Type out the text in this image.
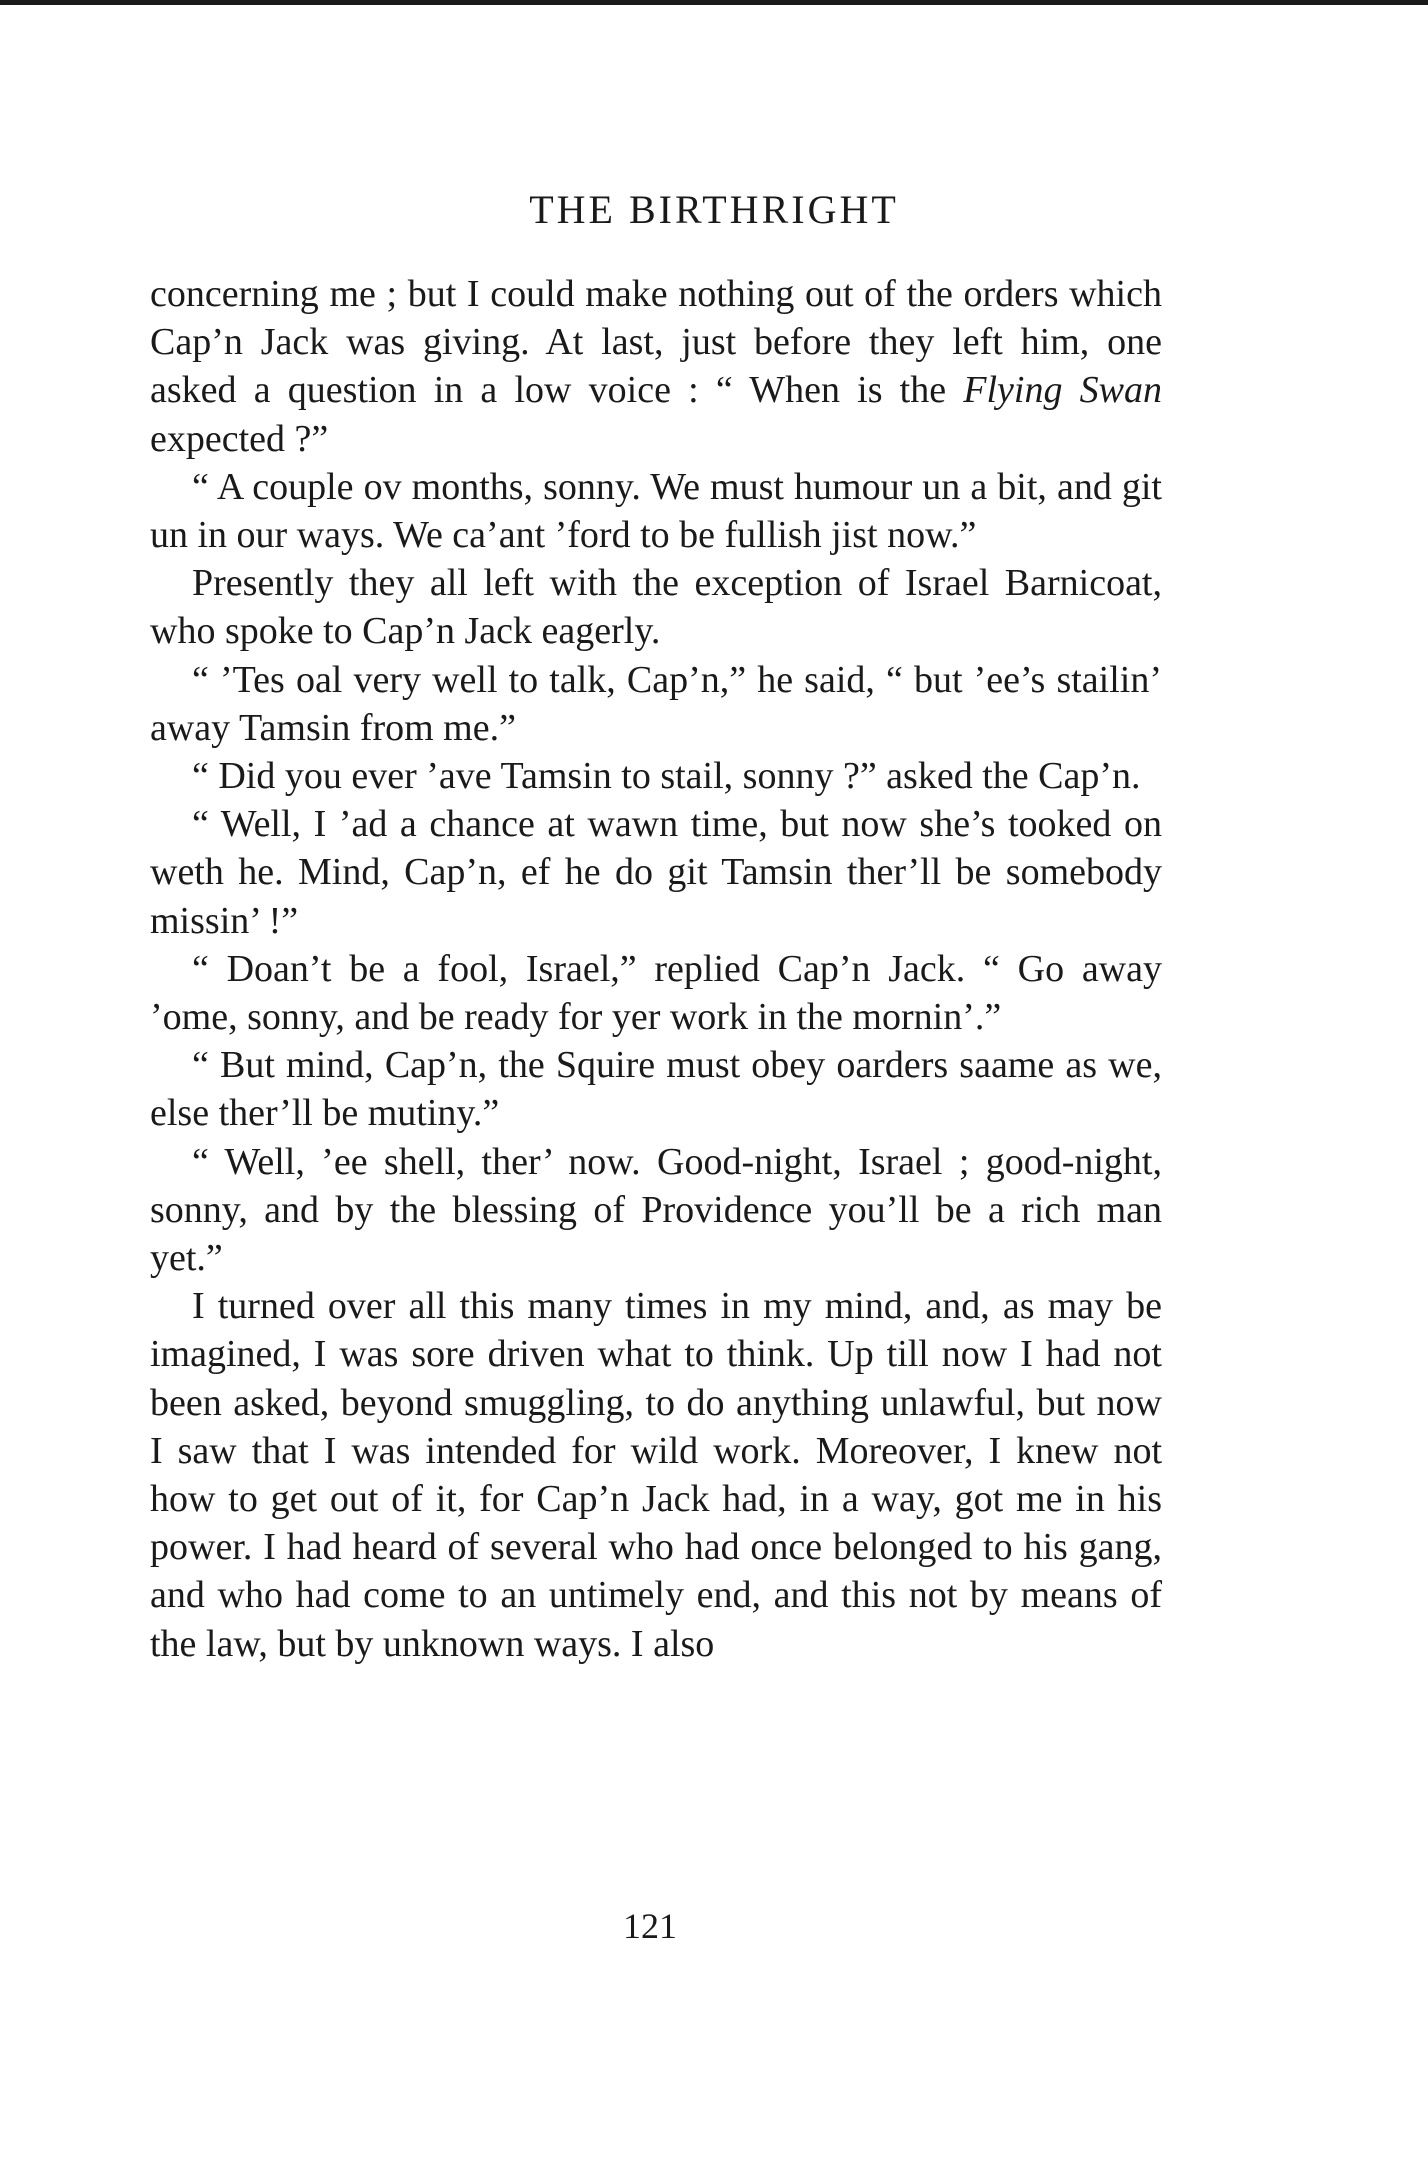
THE BIRTHRIGHT

concerning me ; but I could make nothing out of the orders which Cap’n Jack was giving. At last, just before they left him, one asked a question in a low voice : “ When is the Flying Swan expected ?”

“ A couple ov months, sonny. We must humour un a bit, and git un in our ways. We ca’ant ’ford to be fullish jist now.”

Presently they all left with the exception of Israel Barnicoat, who spoke to Cap’n Jack eagerly.

“ ’Tes oal very well to talk, Cap’n,” he said, “ but ’ee’s stailin’ away Tamsin from me.”

“ Did you ever ’ave Tamsin to stail, sonny ?” asked the Cap’n.

“ Well, I ’ad a chance at wawn time, but now she’s tooked on weth he. Mind, Cap’n, ef he do git Tamsin ther’ll be somebody missin’ !”

“ Doan’t be a fool, Israel,” replied Cap’n Jack. “ Go away ’ome, sonny, and be ready for yer work in the mornin’.”

“ But mind, Cap’n, the Squire must obey oarders saame as we, else ther’ll be mutiny.”

“ Well, ’ee shell, ther’ now. Good-night, Israel ; good-night, sonny, and by the blessing of Providence you’ll be a rich man yet.”

I turned over all this many times in my mind, and, as may be imagined, I was sore driven what to think. Up till now I had not been asked, beyond smuggling, to do anything unlawful, but now I saw that I was intended for wild work. Moreover, I knew not how to get out of it, for Cap’n Jack had, in a way, got me in his power. I had heard of several who had once belonged to his gang, and who had come to an untimely end, and this not by means of the law, but by unknown ways. I also

121
